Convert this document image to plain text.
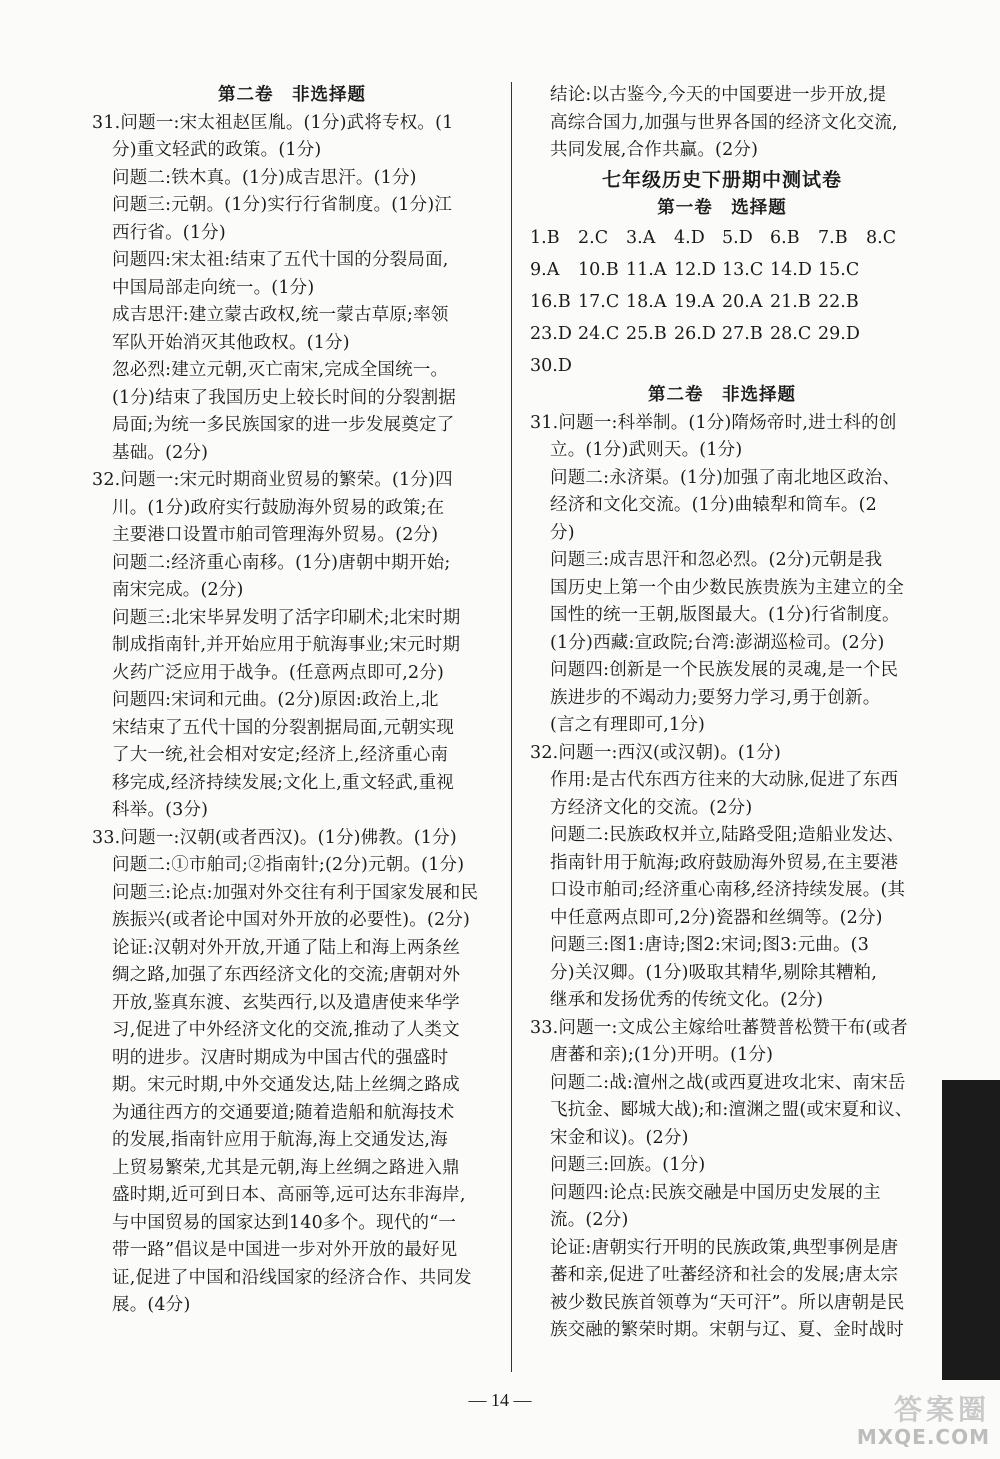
第二卷　非选择题
31.问题一:宋太祖赵匡胤。(1分)武将专权。(1
分)重文轻武的政策。(1分)
问题二:铁木真。(1分)成吉思汗。(1分)
问题三:元朝。(1分)实行行省制度。(1分)江
西行省。(1分)
问题四:宋太祖:结束了五代十国的分裂局面,
中国局部走向统一。(1分)
成吉思汗:建立蒙古政权,统一蒙古草原;率领
军队开始消灭其他政权。(1分)
忽必烈:建立元朝,灭亡南宋,完成全国统一。
(1分)结束了我国历史上较长时间的分裂割据
局面;为统一多民族国家的进一步发展奠定了
基础。(2分)
32.问题一:宋元时期商业贸易的繁荣。(1分)四
川。(1分)政府实行鼓励海外贸易的政策;在
主要港口设置市舶司管理海外贸易。(2分)
问题二:经济重心南移。(1分)唐朝中期开始;
南宋完成。(2分)
问题三:北宋毕昇发明了活字印刷术;北宋时期
制成指南针,并开始应用于航海事业;宋元时期
火药广泛应用于战争。(任意两点即可,2分)
问题四:宋词和元曲。(2分)原因:政治上,北
宋结束了五代十国的分裂割据局面,元朝实现
了大一统,社会相对安定;经济上,经济重心南
移完成,经济持续发展;文化上,重文轻武,重视
科举。(3分)
33.问题一:汉朝(或者西汉)。(1分)佛教。(1分)
问题二:①市舶司;②指南针;(2分)元朝。(1分)
问题三:论点:加强对外交往有利于国家发展和民
族振兴(或者论中国对外开放的必要性)。(2分)
论证:汉朝对外开放,开通了陆上和海上两条丝
绸之路,加强了东西经济文化的交流;唐朝对外
开放,鉴真东渡、玄奘西行,以及遣唐使来华学
习,促进了中外经济文化的交流,推动了人类文
明的进步。汉唐时期成为中国古代的强盛时
期。宋元时期,中外交通发达,陆上丝绸之路成
为通往西方的交通要道;随着造船和航海技术
的发展,指南针应用于航海,海上交通发达,海
上贸易繁荣,尤其是元朝,海上丝绸之路进入鼎
盛时期,近可到日本、高丽等,远可达东非海岸,
与中国贸易的国家达到140多个。现代的“一
带一路”倡议是中国进一步对外开放的最好见
证,促进了中国和沿线国家的经济合作、共同发
展。(4分)
结论:以古鉴今,今天的中国要进一步开放,提
高综合国力,加强与世界各国的经济文化交流,
共同发展,合作共赢。(2分)
七年级历史下册期中测试卷
第一卷　选择题
1.B	2.C	3.A	4.D 5.D 6.B	7.B	8.C
9.A	10.B 11.A 12.D 13.C 14.D 15.C
16.B 17.C 18.A 19.A 20.A 21.B 22.B
23.D 24.C 25.B 26.D 27.B 28.C 29.D
30.D
第二卷　非选择题
31.问题一:科举制。(1分)隋炀帝时,进士科的创
立。(1分)武则天。(1分)
问题二:永济渠。(1分)加强了南北地区政治、
经济和文化交流。(1分)曲辕犁和筒车。(2
分)
问题三:成吉思汗和忽必烈。(2分)元朝是我
国历史上第一个由少数民族贵族为主建立的全
国性的统一王朝,版图最大。(1分)行省制度。
(1分)西藏:宣政院;台湾:澎湖巡检司。(2分)
问题四:创新是一个民族发展的灵魂,是一个民
族进步的不竭动力;要努力学习,勇于创新。
(言之有理即可,1分)
32.问题一:西汉(或汉朝)。(1分)
作用:是古代东西方往来的大动脉,促进了东西
方经济文化的交流。(2分)
问题二:民族政权并立,陆路受阻;造船业发达、
指南针用于航海;政府鼓励海外贸易,在主要港
口设市舶司;经济重心南移,经济持续发展。(其
中任意两点即可,2分)瓷器和丝绸等。(2分)
问题三:图1:唐诗;图2:宋词;图3:元曲。(3
分)关汉卿。(1分)吸取其精华,剔除其糟粕,
继承和发扬优秀的传统文化。(2分)
33.问题一:文成公主嫁给吐蕃赞普松赞干布(或者
唐蕃和亲);(1分)开明。(1分)
问题二:战:澶州之战(或西夏进攻北宋、南宋岳
飞抗金、郾城大战);和:澶渊之盟(或宋夏和议、
宋金和议)。(2分)
问题三:回族。(1分)
问题四:论点:民族交融是中国历史发展的主
流。(2分)
论证:唐朝实行开明的民族政策,典型事例是唐
蕃和亲,促进了吐蕃经济和社会的发展;唐太宗
被少数民族首领尊为“天可汗”。所以唐朝是民
族交融的繁荣时期。宋朝与辽、夏、金时战时
— 14 —	答案圈
MXQE.COM
